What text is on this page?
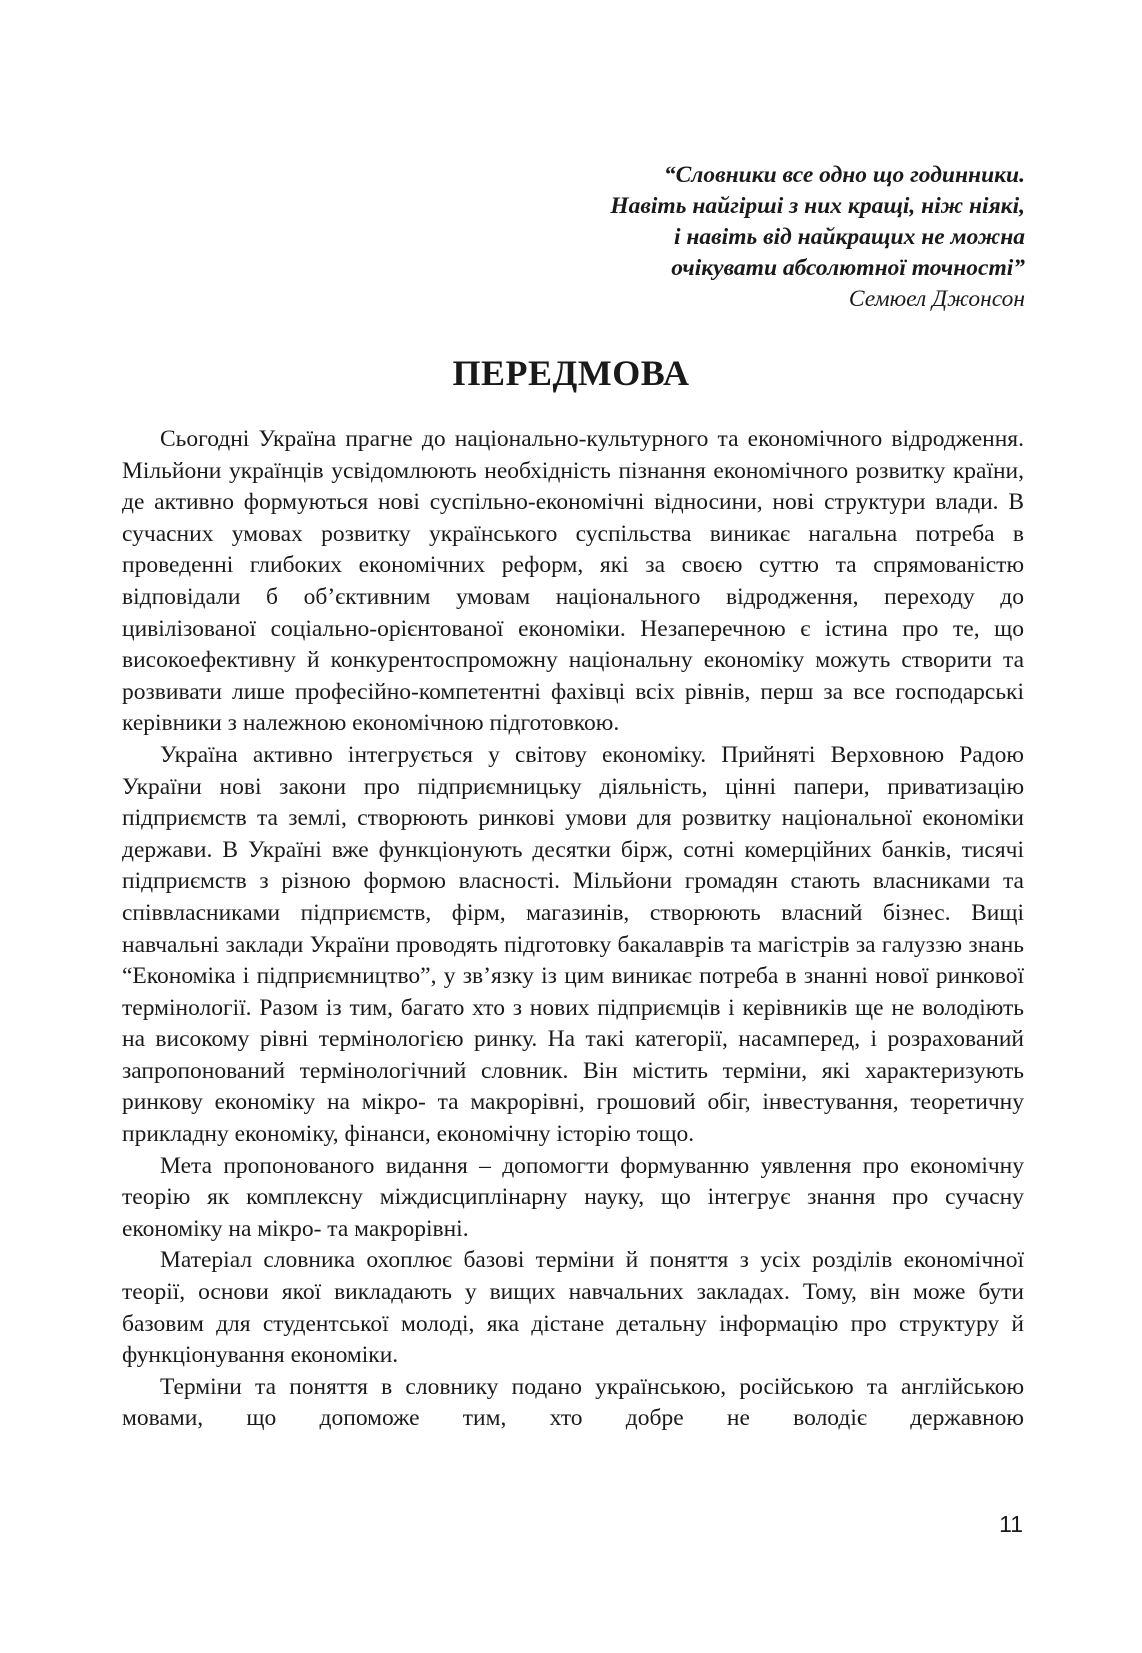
“Словники все одно що годинники.
Навіть найгірші з них кращі, ніж ніякі,
і навіть від найкращих не можна
очікувати абсолютної точності”
Семюел Джонсон
ПЕРЕДМОВА

Сьогодні Україна прагне до національно-культурного та економічного відродження. Мільйони українців усвідомлюють необхідність пізнання економічного розвитку країни, де активно формуються нові суспільно-економічні відносини, нові структури влади. В сучасних умовах розвитку українського суспільства виникає нагальна потреба в проведенні глибоких економічних реформ, які за своєю суттю та спрямованістю відповідали б об’єктивним умовам національного відродження, переходу до цивілізованої соціально-орієнтованої економіки. Незаперечною є істина про те, що високоефективну й конкурентоспроможну національну економіку можуть створити та розвивати лише професійно-компетентні фахівці всіх рівнів, перш за все господарські керівники з належною економічною підготовкою.

Україна активно інтегрується у світову економіку. Прийняті Верховною Радою України нові закони про підприємницьку діяльність, цінні папери, приватизацію підприємств та землі, створюють ринкові умови для розвитку національної економіки держави. В Україні вже функціонують десятки бірж, сотні комерційних банків, тисячі підприємств з різною формою власності. Мільйони громадян стають власниками та співвласниками підприємств, фірм, магазинів, створюють власний бізнес. Вищі навчальні заклади України проводять підготовку бакалаврів та магістрів за галуззю знань “Економіка і підприємництво”, у зв’язку із цим виникає потреба в знанні нової ринкової термінології. Разом із тим, багато хто з нових підприємців і керівників ще не володіють на високому рівні термінологією ринку. На такі категорії, насамперед, і розрахований запропонований термінологічний словник. Він містить терміни, які характеризують ринкову економіку на мікро- та макрорівні, грошовий обіг, інвестування, теоретичну прикладну економіку, фінанси, економічну історію тощо.

Мета пропонованого видання – допомогти формуванню уявлення про економічну теорію як комплексну міждисциплінарну науку, що інтегрує знання про сучасну економіку на мікро- та макрорівні.

Матеріал словника охоплює базові терміни й поняття з усіх розділів економічної теорії, основи якої викладають у вищих навчальних закладах. Тому, він може бути базовим для студентської молоді, яка дістане детальну інформацію про структуру й функціонування економіки.

Терміни та поняття в словнику подано українською, російською та англійською мовами, що допоможе тим, хто добре не володіє державною

11
